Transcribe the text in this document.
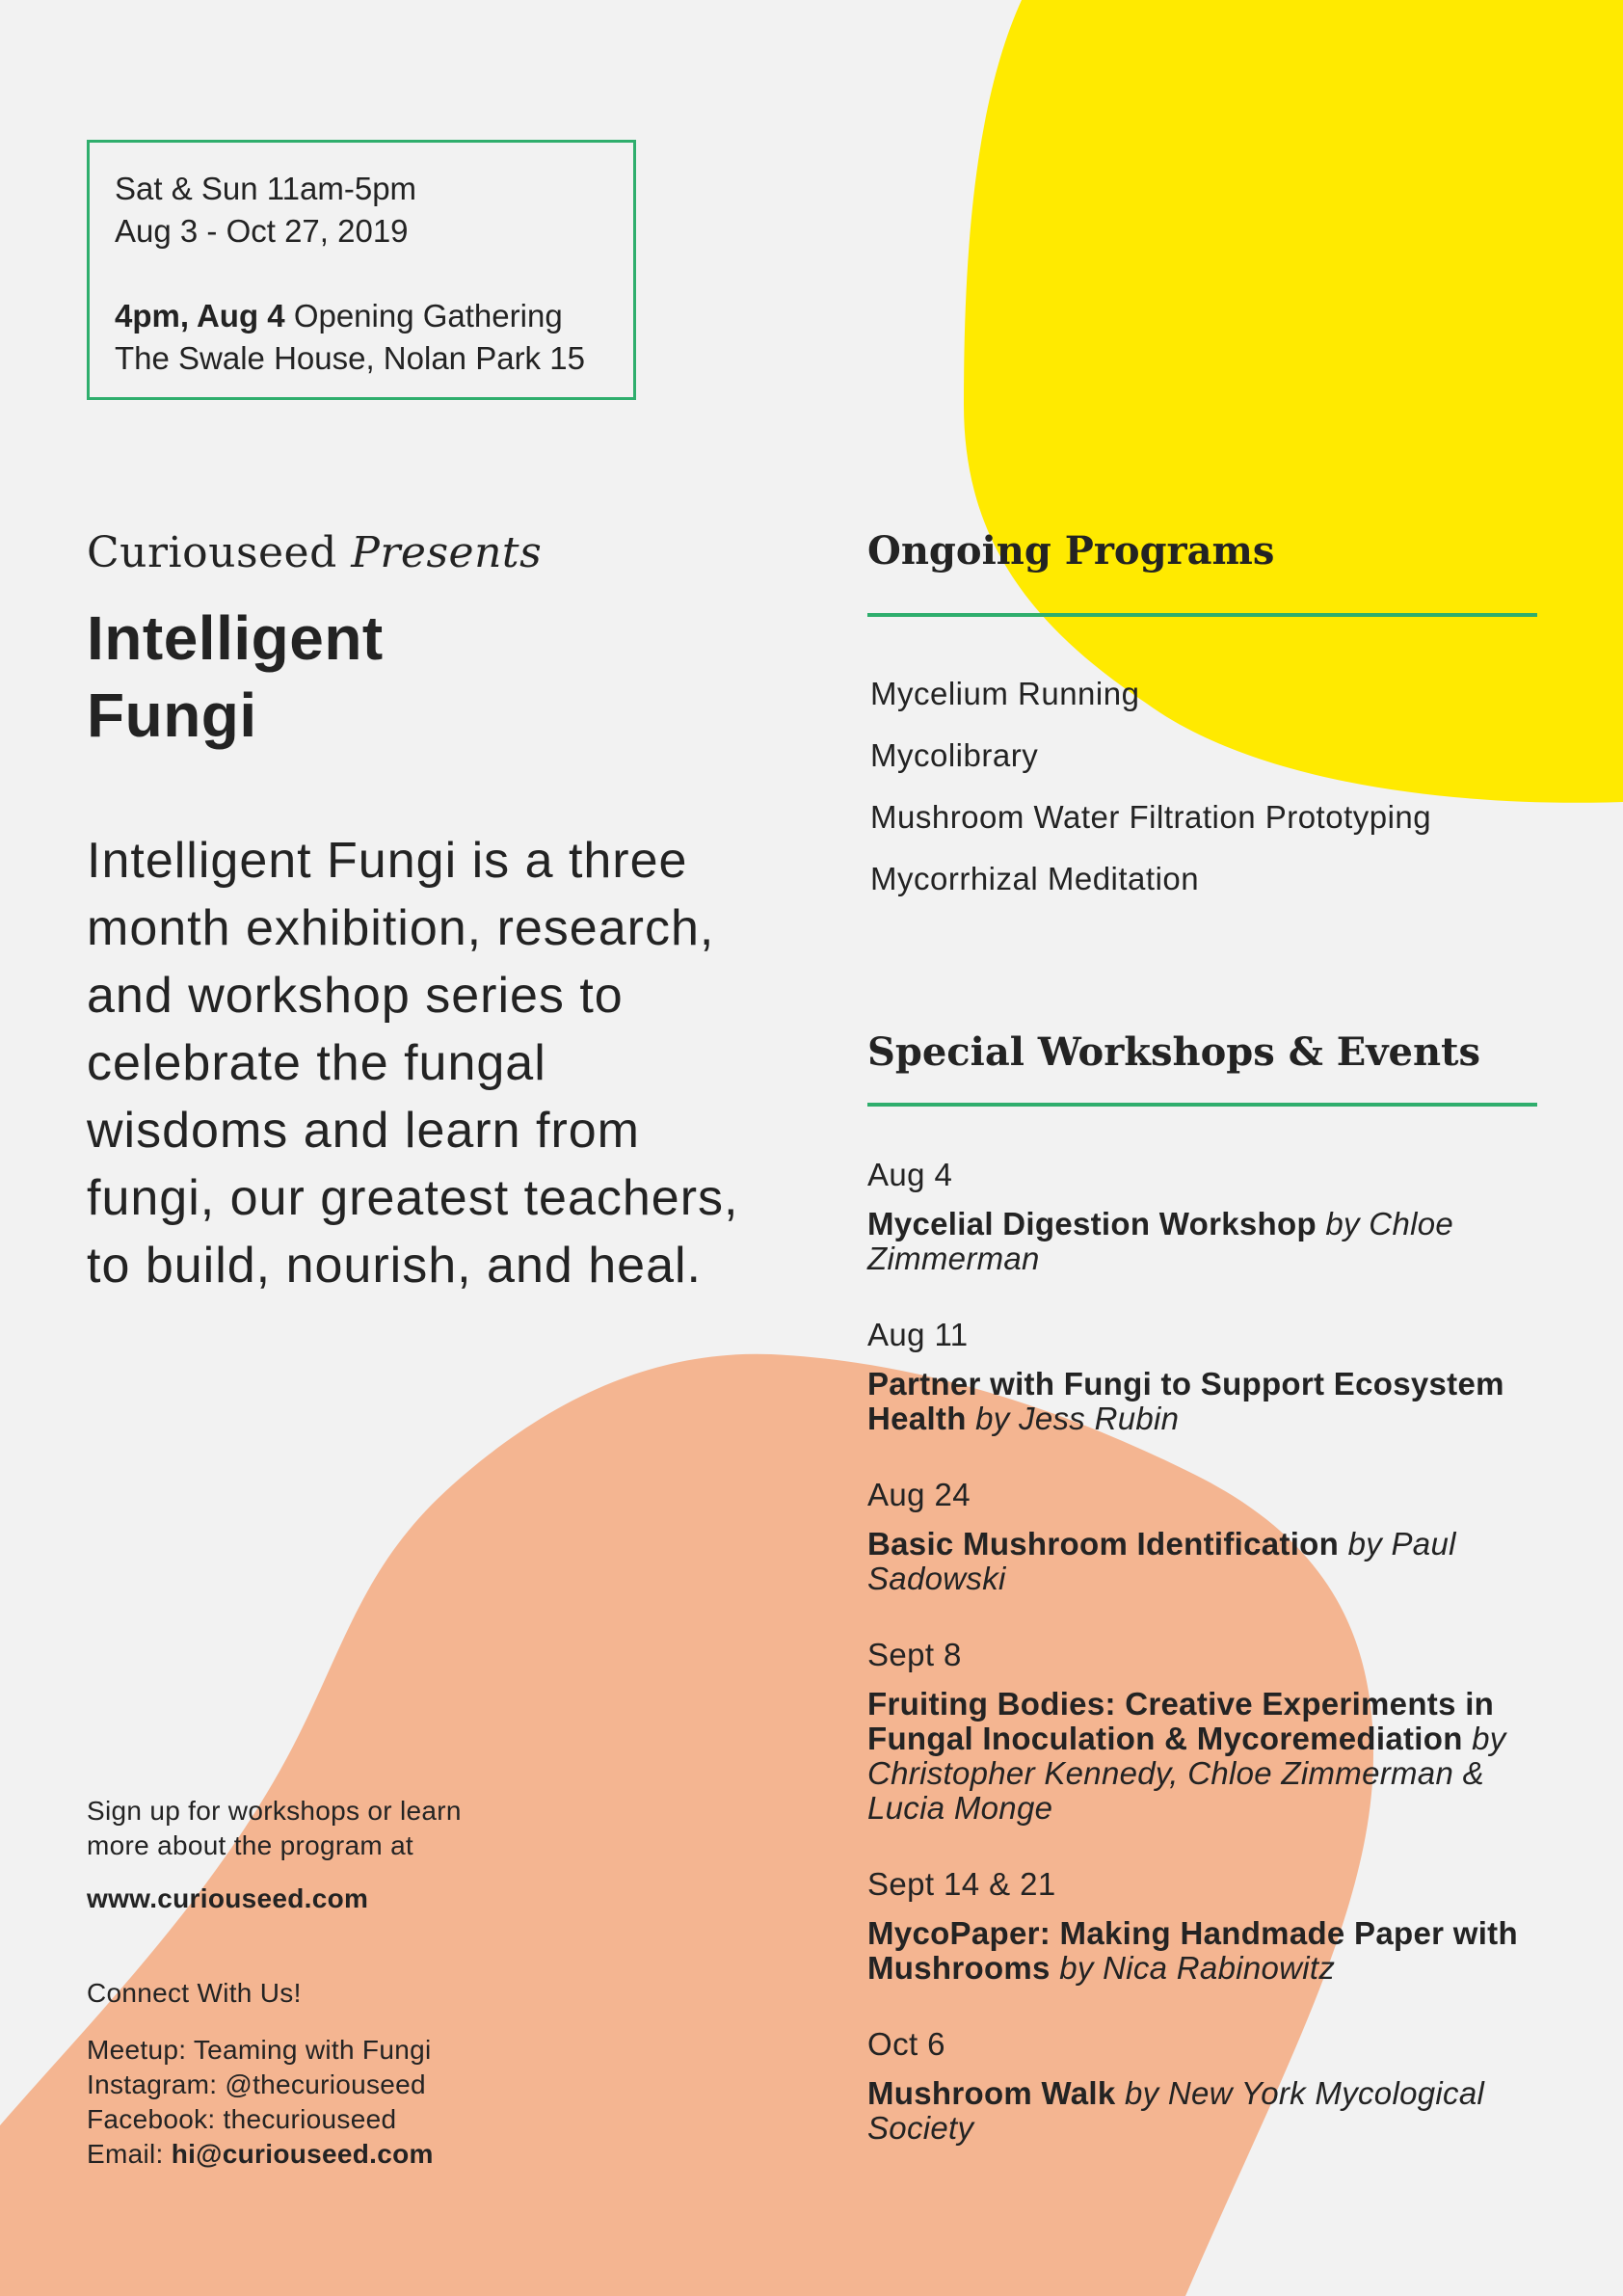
Sat & Sun 11am-5pm
Aug 3 - Oct 27, 2019
4pm, Aug 4 Opening Gathering
The Swale House, Nolan Park 15
Curiouseed Presents
Intelligent
Fungi
Intelligent Fungi is a three month exhibition, research, and workshop series to celebrate the fungal wisdoms and learn from fungi, our greatest teachers, to build, nourish, and heal.
Sign up for workshops or learn more about the program at
www.curiouseed.com
Connect With Us!
Meetup: Teaming with Fungi
Instagram: @thecuriouseed
Facebook: thecuriouseed
Email: hi@curiouseed.com
Ongoing Programs
Mycelium Running
Mycolibrary
Mushroom Water Filtration Prototyping
Mycorrhizal Meditation
Special Workshops & Events
Aug 4
Mycelial Digestion Workshop by Chloe Zimmerman
Aug 11
Partner with Fungi to Support Ecosystem Health by Jess Rubin
Aug 24
Basic Mushroom Identification by Paul Sadowski
Sept 8
Fruiting Bodies: Creative Experiments in Fungal Inoculation & Mycoremediation by Christopher Kennedy, Chloe Zimmerman & Lucia Monge
Sept 14 & 21
MycoPaper: Making Handmade Paper with Mushrooms by Nica Rabinowitz
Oct 6
Mushroom Walk by New York Mycological Society
